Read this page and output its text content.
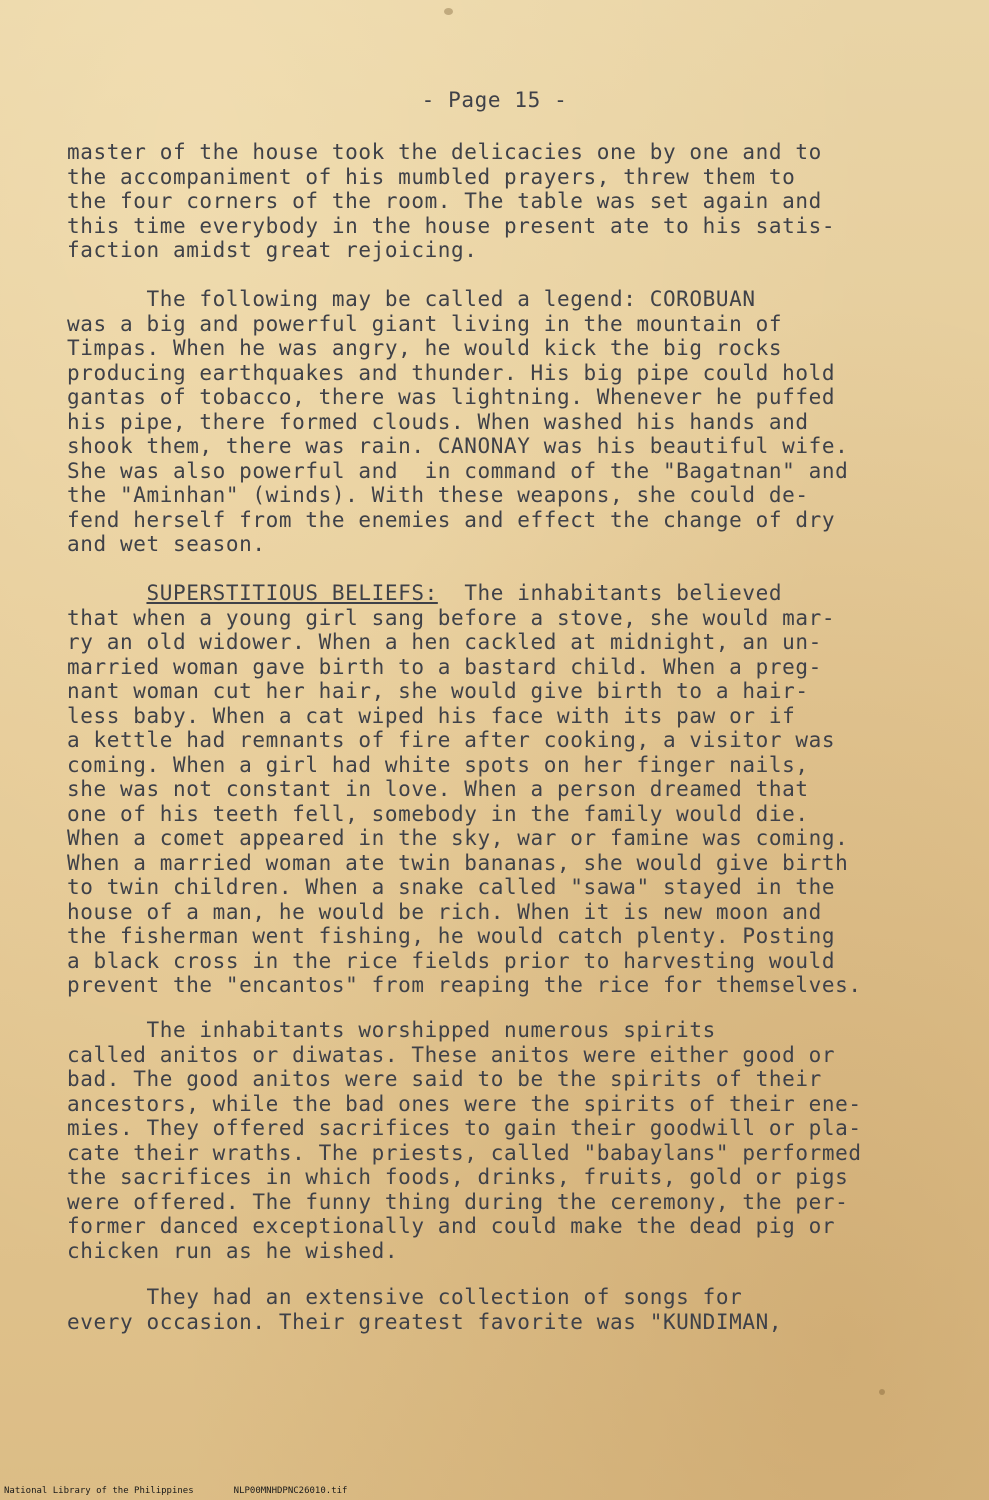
- Page 15 -
master of the house took the delicacies one by one and to
the accompaniment of his mumbled prayers, threw them to
the four corners of the room. The table was set again and
this time everybody in the house present ate to his satis-
faction amidst great rejoicing.
The following may be called a legend: COROBUAN
was a big and powerful giant living in the mountain of
Timpas. When he was angry, he would kick the big rocks
producing earthquakes and thunder. His big pipe could hold
gantas of tobacco, there was lightning. Whenever he puffed
his pipe, there formed clouds. When washed his hands and
shook them, there was rain. CANONAY was his beautiful wife.
She was also powerful and  in command of the "Bagatnan" and
the "Aminhan" (winds). With these weapons, she could de-
fend herself from the enemies and effect the change of dry
and wet season.
SUPERSTITIOUS BELIEFS:  The inhabitants believed
that when a young girl sang before a stove, she would mar-
ry an old widower. When a hen cackled at midnight, an un-
married woman gave birth to a bastard child. When a preg-
nant woman cut her hair, she would give birth to a hair-
less baby. When a cat wiped his face with its paw or if
a kettle had remnants of fire after cooking, a visitor was
coming. When a girl had white spots on her finger nails,
she was not constant in love. When a person dreamed that
one of his teeth fell, somebody in the family would die.
When a comet appeared in the sky, war or famine was coming.
When a married woman ate twin bananas, she would give birth
to twin children. When a snake called "sawa" stayed in the
house of a man, he would be rich. When it is new moon and
the fisherman went fishing, he would catch plenty. Posting
a black cross in the rice fields prior to harvesting would
prevent the "encantos" from reaping the rice for themselves.
The inhabitants worshipped numerous spirits
called anitos or diwatas. These anitos were either good or
bad. The good anitos were said to be the spirits of their
ancestors, while the bad ones were the spirits of their ene-
mies. They offered sacrifices to gain their goodwill or pla-
cate their wraths. The priests, called "babaylans" performed
the sacrifices in which foods, drinks, fruits, gold or pigs
were offered. The funny thing during the ceremony, the per-
former danced exceptionally and could make the dead pig or
chicken run as he wished.
They had an extensive collection of songs for
every occasion. Their greatest favorite was "KUNDIMAN,
National Library of the Philippines	NLP00MNHDPNC26010.tif
